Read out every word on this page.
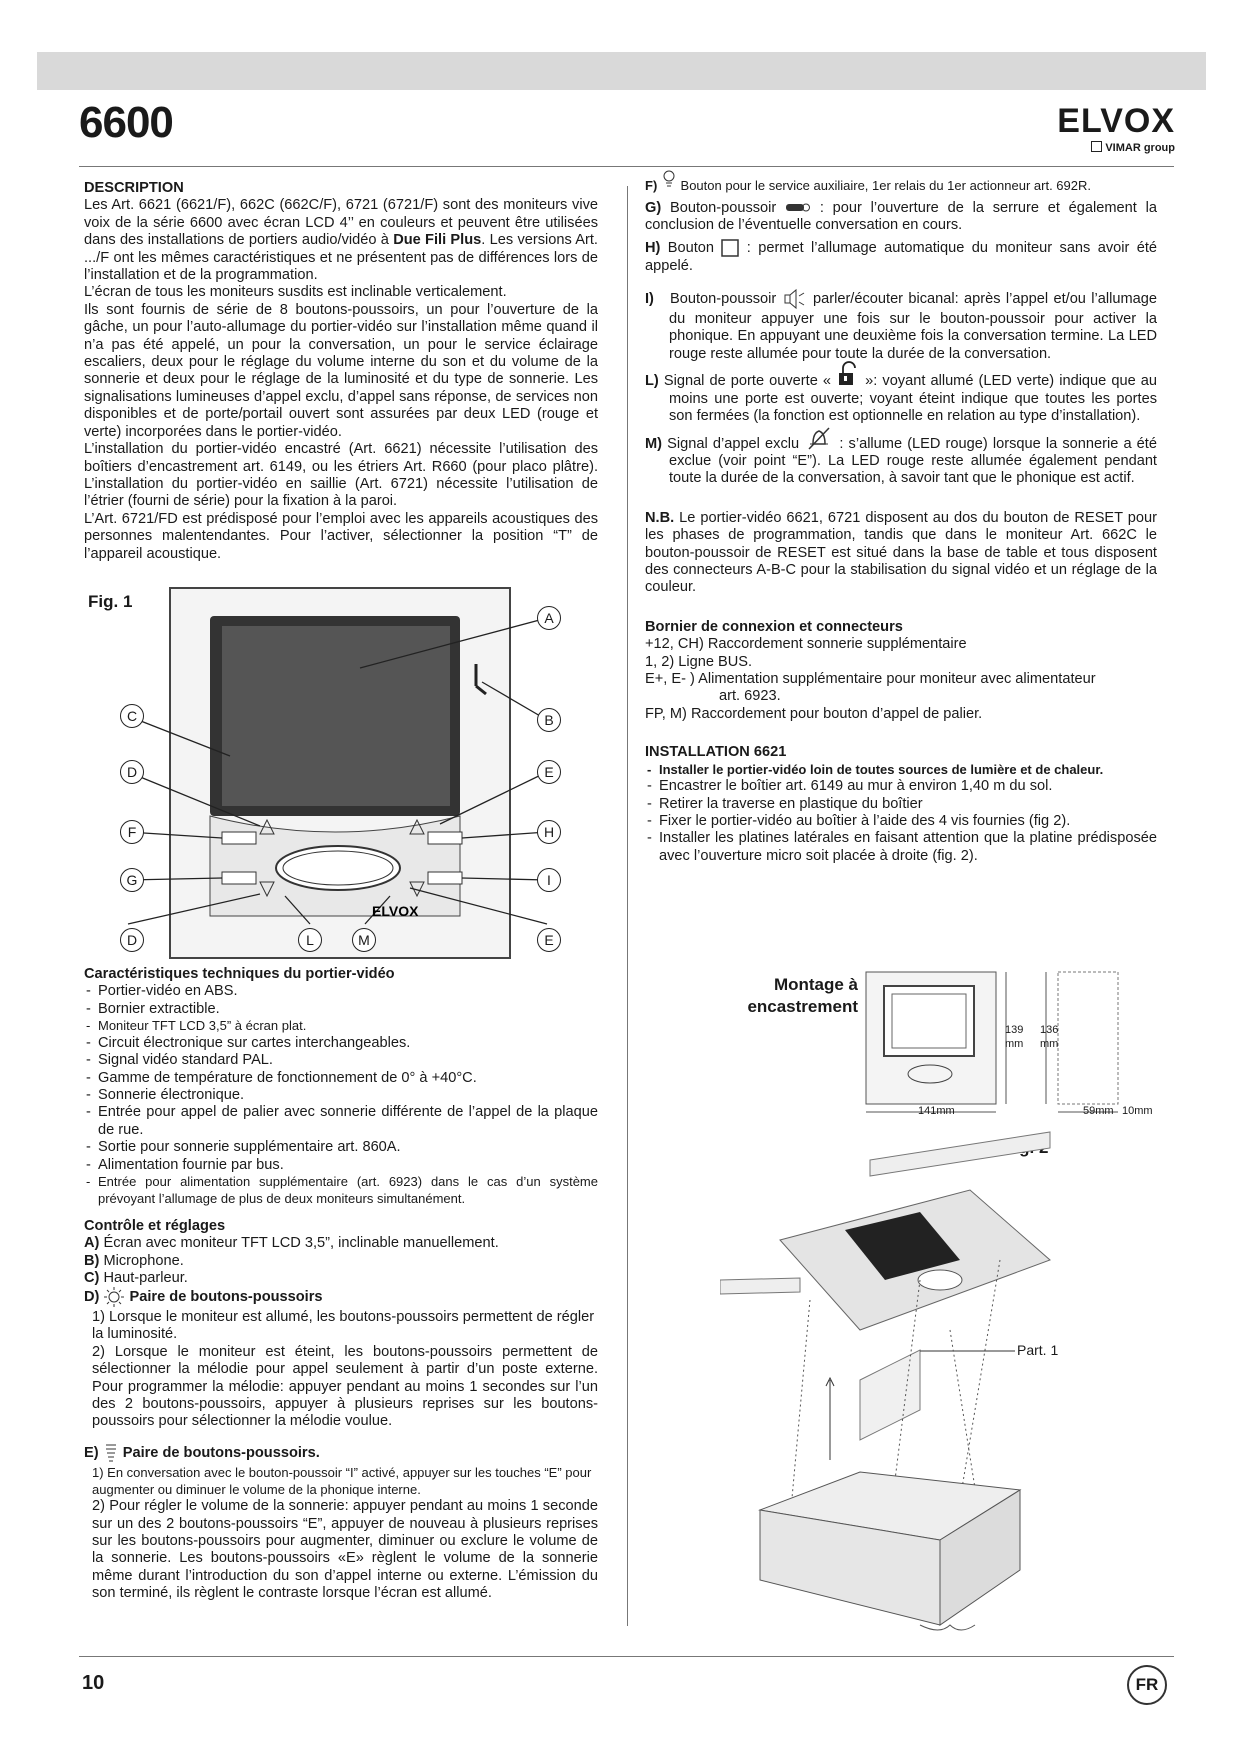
6600	ELVOX
VIMAR group

DESCRIPTION

Les Art. 6621 (6621/F), 662C (662C/F), 6721 (6721/F) sont des moniteurs vive voix de la série 6600 avec écran LCD 4’’ en couleurs et peuvent être utilisées dans des installations de portiers audio/vidéo à Due Fili Plus. Les versions Art. .../F ont les mêmes caractéristiques et ne présentent pas de différences lors de l’installation et de la programmation.

L’écran de tous les moniteurs susdits est inclinable verticalement.

Ils sont fournis de série de 8 boutons-poussoirs, un pour l’ouverture de la gâche, un pour l’auto-allumage du portier-vidéo sur l’installation même quand il n’a pas été appelé, un pour la conversation, un pour le service éclairage escaliers, deux pour le réglage du volume interne du son et du volume de la sonnerie et deux pour le réglage de la luminosité et du type de sonnerie. Les signalisations lumineuses d’appel exclu, d’appel sans réponse, de services non disponibles et de porte/portail ouvert sont assurées par deux LED (rouge et verte) incorporées dans le portier-vidéo.

L’installation du portier-vidéo encastré (Art. 6621) nécessite l’utilisation des boîtiers d’encastrement art. 6149, ou les étriers Art. R660 (pour placo plâtre). L’installation du portier-vidéo en saillie (Art. 6721) nécessite l’utilisation de l’étrier (fourni de série) pour la fixation à la paroi.

L’Art. 6721/FD est prédisposé pour l’emploi avec les appareils acoustiques des personnes malentendantes. Pour l’activer, sélectionner la position “T” de l’appareil acoustique.

Fig. 1
ELVOX
A
B
C
D	E
F
G
H
I
L	M
D	E

Caractéristiques techniques du portier-vidéo

- Portier-vidéo en ABS.
- Bornier extractible.
- Moniteur TFT LCD 3,5” à écran plat.
- Circuit électronique sur cartes interchangeables.
- Signal vidéo standard PAL.
- Gamme de température de fonctionnement de 0° à +40°C.
- Sonnerie électronique.
- Entrée pour appel de palier avec sonnerie différente de l’appel de la plaque de rue.
- Sortie pour sonnerie supplémentaire art. 860A.
- Alimentation fournie par bus.
- Entrée pour alimentation supplémentaire (art. 6923) dans le cas d’un système prévoyant l’allumage de plus de deux moniteurs simultanément.

Contrôle et réglages

A) Écran avec moniteur TFT LCD 3,5”, inclinable manuellement.

B) Microphone.

C) Haut-parleur.

D) Paire de boutons-poussoirs

1) Lorsque le moniteur est allumé, les boutons-poussoirs permettent de régler la luminosité.

2) Lorsque le moniteur est éteint, les boutons-poussoirs permettent de sélectionner la mélodie pour appel seulement à partir d’un poste externe. Pour programmer la mélodie: appuyer pendant au moins 1 secondes sur l’un des 2 boutons-poussoirs, appuyer à plusieurs reprises sur les boutons-poussoirs pour sélectionner la mélodie voulue.

E) Paire de boutons-poussoirs.

1) En conversation avec le bouton-poussoir “I” activé, appuyer sur les touches “E” pour augmenter ou diminuer le volume de la phonique interne.

2) Pour régler le volume de la sonnerie: appuyer pendant au moins 1 seconde sur un des 2 boutons-poussoirs “E”, appuyer de nouveau à plusieurs reprises sur les boutons-poussoirs pour augmenter, diminuer ou exclure le volume de la sonnerie. Les boutons-poussoirs «E» règlent le volume de la sonnerie même durant l’introduction du son d’appel interne ou externe. L’émission du son terminé, ils règlent le contraste lorsque l’écran est allumé.

F) Bouton pour le service auxiliaire, 1er relais du 1er actionneur art. 692R.

G) Bouton-poussoir	: pour l’ouverture de la serrure et également la conclusion de l’éventuelle conversation en cours.

H) Bouton : permet l’allumage automatique du moniteur sans avoir été appelé.

I) Bouton-poussoir	parler/écouter bicanal: après l’appel et/ou l’allumage du moniteur appuyer une fois sur le bouton-poussoir pour activer la phonique. En appuyant une deuxième fois la conversation termine. La LED rouge reste allumée pour toute la durée de la conversation.

L) Signal de porte ouverte « »: voyant allumé (LED verte) indique que au moins une porte est ouverte; voyant éteint indique que toutes les portes son fermées (la fonction est optionnelle en relation au type d’installation).

M) Signal d’appel exclu	: s’allume (LED rouge) lorsque la sonnerie a été exclue (voir point “E”). La LED rouge reste allumée également pendant toute la durée de la conversation, à savoir tant que le phonique est actif.

N.B. Le portier-vidéo 6621, 6721 disposent au dos du bouton de RESET pour les phases de programmation, tandis que dans le moniteur Art. 662C le bouton-poussoir de RESET est situé dans la base de table et tous disposent des connecteurs A-B-C pour la stabilisation du signal vidéo et un réglage de la couleur.

Bornier de connexion et connecteurs

+12, CH) Raccordement sonnerie supplémentaire

1, 2) Ligne BUS.

E+, E- ) Alimentation supplémentaire pour moniteur avec alimentateur

art. 6923.

FP, M) Raccordement pour bouton d’appel de palier.

INSTALLATION 6621

- Installer le portier-vidéo loin de toutes sources de lumière et de chaleur.
- Encastrer le boîtier art. 6149 au mur à environ 1,40 m du sol.
- Retirer la traverse en plastique du boîtier
- Fixer le portier-vidéo au boîtier à l’aide des 4 vis fournies (fig 2).
- Installer les platines latérales en faisant attention que la platine prédisposée avec l’ouverture micro soit placée à droite (fig. 2).
Montage à
encastrement
139
mm
136
mm
141mm	59mm 10mm
Part. 1
10	FR
